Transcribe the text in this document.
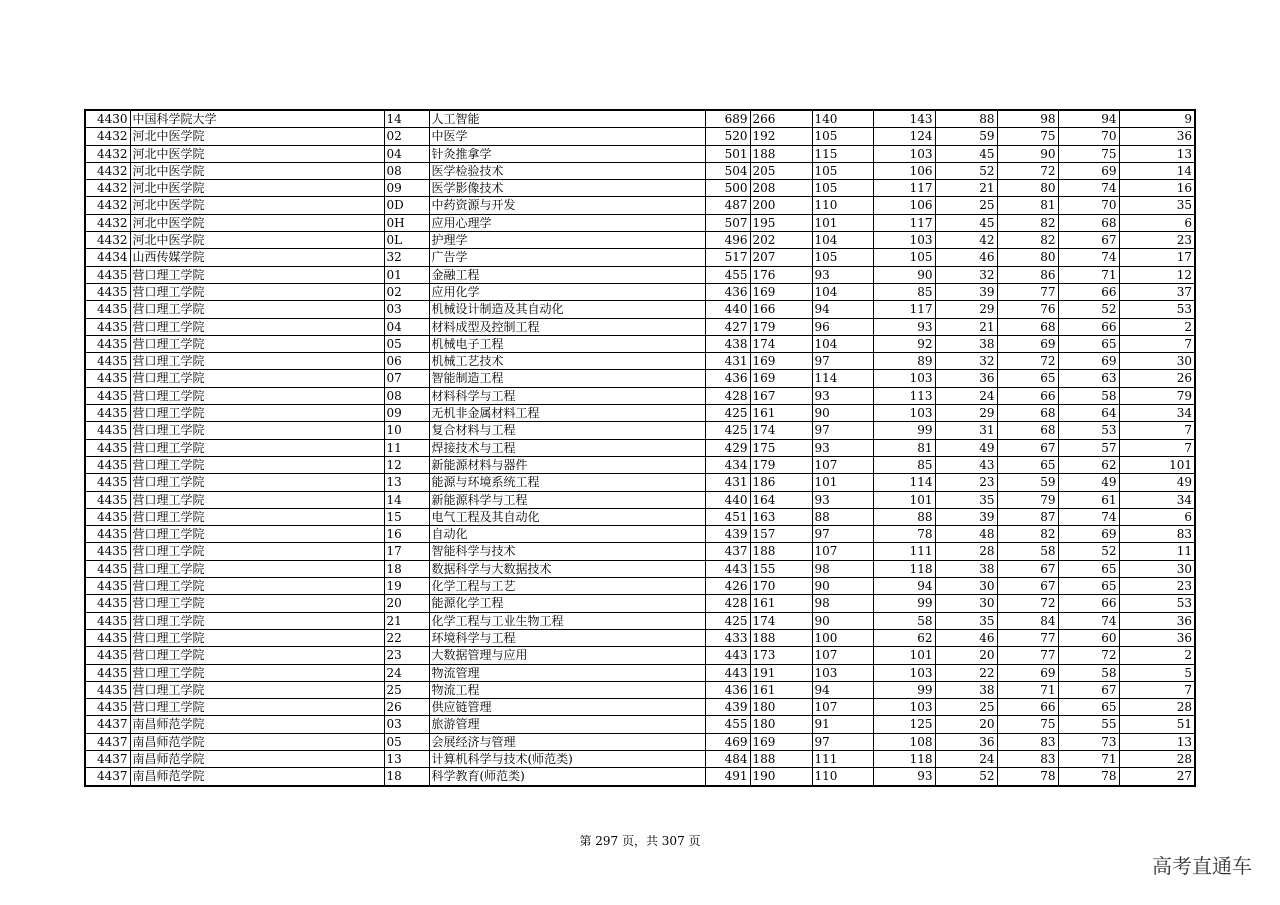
4430	中国科学院大学	14	人工智能	689	266	140	143	88	98	94	9
4432	河北中医学院	02	中医学	520	192	105	124	59	75	70	36
4432	河北中医学院	04	针灸推拿学	501	188	115	103	45	90	75	13
4432	河北中医学院	08	医学检验技术	504	205	105	106	52	72	69	14
4432	河北中医学院	09	医学影像技术	500	208	105	117	21	80	74	16
4432	河北中医学院	0D	中药资源与开发	487	200	110	106	25	81	70	35
4432	河北中医学院	0H	应用心理学	507	195	101	117	45	82	68	6
4432	河北中医学院	0L	护理学	496	202	104	103	42	82	67	23
4434	山西传媒学院	32	广告学	517	207	105	105	46	80	74	17
4435	营口理工学院	01	金融工程	455	176	93	90	32	86	71	12
4435	营口理工学院	02	应用化学	436	169	104	85	39	77	66	37
4435	营口理工学院	03	机械设计制造及其自动化	440	166	94	117	29	76	52	53
4435	营口理工学院	04	材料成型及控制工程	427	179	96	93	21	68	66	2
4435	营口理工学院	05	机械电子工程	438	174	104	92	38	69	65	7
4435	营口理工学院	06	机械工艺技术	431	169	97	89	32	72	69	30
4435	营口理工学院	07	智能制造工程	436	169	114	103	36	65	63	26
4435	营口理工学院	08	材料科学与工程	428	167	93	113	24	66	58	79
4435	营口理工学院	09	无机非金属材料工程	425	161	90	103	29	68	64	34
4435	营口理工学院	10	复合材料与工程	425	174	97	99	31	68	53	7
4435	营口理工学院	11	焊接技术与工程	429	175	93	81	49	67	57	7
4435	营口理工学院	12	新能源材料与器件	434	179	107	85	43	65	62	101
4435	营口理工学院	13	能源与环境系统工程	431	186	101	114	23	59	49	49
4435	营口理工学院	14	新能源科学与工程	440	164	93	101	35	79	61	34
4435	营口理工学院	15	电气工程及其自动化	451	163	88	88	39	87	74	6
4435	营口理工学院	16	自动化	439	157	97	78	48	82	69	83
4435	营口理工学院	17	智能科学与技术	437	188	107	111	28	58	52	11
4435	营口理工学院	18	数据科学与大数据技术	443	155	98	118	38	67	65	30
4435	营口理工学院	19	化学工程与工艺	426	170	90	94	30	67	65	23
4435	营口理工学院	20	能源化学工程	428	161	98	99	30	72	66	53
4435	营口理工学院	21	化学工程与工业生物工程	425	174	90	58	35	84	74	36
4435	营口理工学院	22	环境科学与工程	433	188	100	62	46	77	60	36
4435	营口理工学院	23	大数据管理与应用	443	173	107	101	20	77	72	2
4435	营口理工学院	24	物流管理	443	191	103	103	22	69	58	5
4435	营口理工学院	25	物流工程	436	161	94	99	38	71	67	7
4435	营口理工学院	26	供应链管理	439	180	107	103	25	66	65	28
4437	南昌师范学院	03	旅游管理	455	180	91	125	20	75	55	51
4437	南昌师范学院	05	会展经济与管理	469	169	97	108	36	83	73	13
4437	南昌师范学院	13	计算机科学与技术(师范类)	484	188	111	118	24	83	71	28
4437	南昌师范学院	18	科学教育(师范类)	491	190	110	93	52	78	78	27
第 297 页，共 307 页
高考直通车
